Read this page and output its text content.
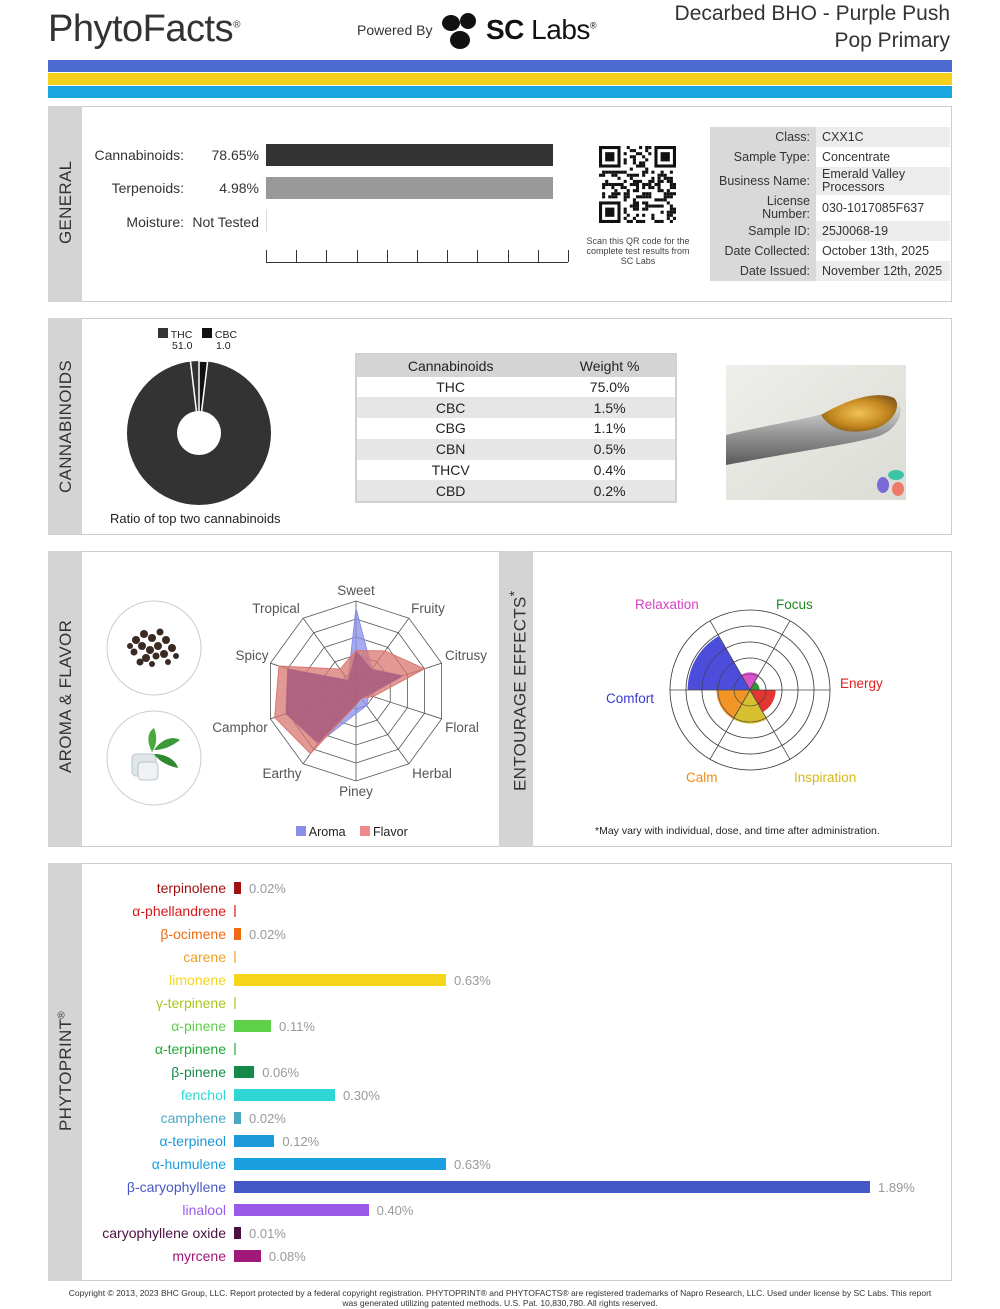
PhytoFacts®	Powered By SC Labs®
Decarbed BHO - Purple Push
Pop Primary
GENERAL
Cannabinoids:	78.65%
Terpenoids:	4.98%
Moisture: Not Tested
Scan this QR code for the complete test results from SC Labs
Class:	CXX1C
Sample Type:	Concentrate
Business Name:	Emerald Valley Processors
License Number:	030-1017085F637
Sample ID:	25J0068-19
Date Collected:	October 13th, 2025
Date Issued:	November 12th, 2025
CANNABINOIDS
THC
51.0
CBC
1.0
Ratio of top two cannabinoids
Cannabinoids	Weight %
THC	75.0%
CBC	1.5%
CBG	1.1%
CBN	0.5%
THCV	0.4%
CBD	0.2%
AROMA & FLAVOR
Sweet
Fruity
Citrusy
Floral
Herbal
Piney
Earthy
Camphor
Spicy
Tropical
Aroma Flavor
ENTOURAGE EFFECTS*
Relaxation	Focus
Energy
Inspiration
Calm
Comfort
*May vary with individual, dose, and time after administration.
PHYTOPRINT®
terpinolene 0.02%
α-phellandrene
β-ocimene 0.02%
carene
limonene	0.63%
γ-terpinene
α-pinene	0.11%
α-terpinene
β-pinene	0.06%
fenchol	0.30%
camphene 0.02%
α-terpineol	0.12%
α-humulene	0.63%
β-caryophyllene	1.89%
linalool	0.40%
caryophyllene oxide 0.01%
myrcene	0.08%
Copyright © 2013, 2023 BHC Group, LLC. Report protected by a federal copyright registration. PHYTOPRINT® and PHYTOFACTS® are registered trademarks of Napro Research, LLC. Used under license by SC Labs. This report
was generated utilizing patented methods. U.S. Pat. 10,830,780. All rights reserved.
